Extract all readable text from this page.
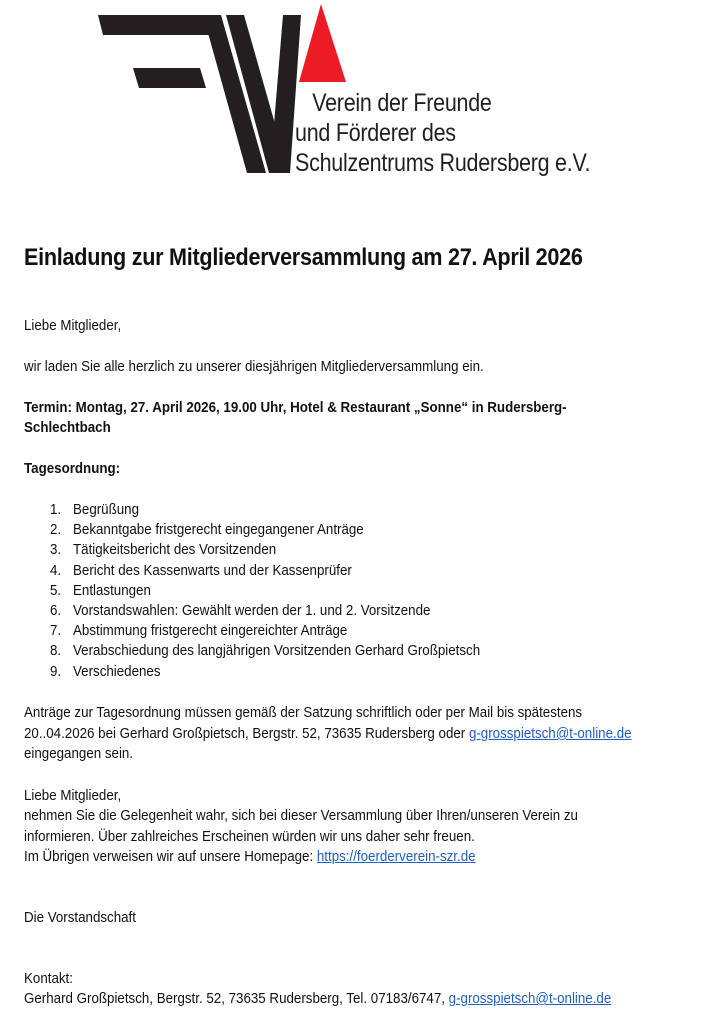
Verein der Freunde
und Förderer des
Schulzentrums Rudersberg e.V.
Einladung zur Mitgliederversammlung am 27. April 2026

Liebe Mitglieder,

wir laden Sie alle herzlich zu unserer diesjährigen Mitgliederversammlung ein.

Termin: Montag, 27. April 2026, 19.00 Uhr, Hotel & Restaurant „Sonne“ in Rudersberg-

Schlechtbach

Tagesordnung:

1. Begrüßung
2. Bekanntgabe fristgerecht eingegangener Anträge
3. Tätigkeitsbericht des Vorsitzenden
4. Bericht des Kassenwarts und der Kassenprüfer
5. Entlastungen
6. Vorstandswahlen: Gewählt werden der 1. und 2. Vorsitzende
7. Abstimmung fristgerecht eingereichter Anträge
8. Verabschiedung des langjährigen Vorsitzenden Gerhard Großpietsch
9. Verschiedenes

Anträge zur Tagesordnung müssen gemäß der Satzung schriftlich oder per Mail bis spätestens

20..04.2026 bei Gerhard Großpietsch, Bergstr. 52, 73635 Rudersberg oder g-grosspietsch@t-online.de

eingegangen sein.

Liebe Mitglieder,

nehmen Sie die Gelegenheit wahr, sich bei dieser Versammlung über Ihren/unseren Verein zu

informieren. Über zahlreiches Erscheinen würden wir uns daher sehr freuen.

Im Übrigen verweisen wir auf unsere Homepage: https://foerderverein-szr.de

Die Vorstandschaft

Kontakt:

Gerhard Großpietsch, Bergstr. 52, 73635 Rudersberg, Tel. 07183/6747, g-grosspietsch@t-online.de
